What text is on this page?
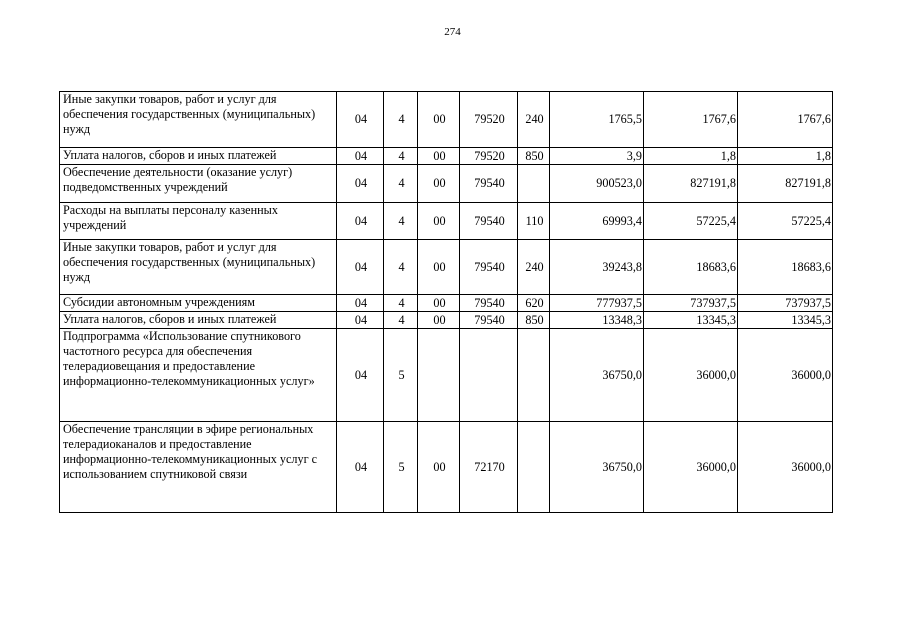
274
Иные закупки товаров, работ и услуг для обеспечения государственных (муниципальных) нужд	04	4	00	79520	240	1765,5	1767,6	1767,6
Уплата налогов, сборов и иных платежей	04	4	00	79520	850	3,9	1,8	1,8
Обеспечение деятельности (оказание услуг) подведомственных учреждений	04	4	00	79540		900523,0	827191,8	827191,8
Расходы на выплаты персоналу казенных учреждений	04	4	00	79540	110	69993,4	57225,4	57225,4
Иные закупки товаров, работ и услуг для обеспечения государственных (муниципальных) нужд	04	4	00	79540	240	39243,8	18683,6	18683,6
Субсидии автономным учреждениям	04	4	00	79540	620	777937,5	737937,5	737937,5
Уплата налогов, сборов и иных платежей	04	4	00	79540	850	13348,3	13345,3	13345,3
Подпрограмма «Использование спутникового частотного ресурса для обеспечения телерадиовещания и предоставление информационно-телекоммуникационных услуг»	04	5				36750,0	36000,0	36000,0
Обеспечение трансляции в эфире региональных телерадиоканалов и предоставление информационно-телекоммуникационных услуг с использованием спутниковой связи	04	5	00	72170		36750,0	36000,0	36000,0
